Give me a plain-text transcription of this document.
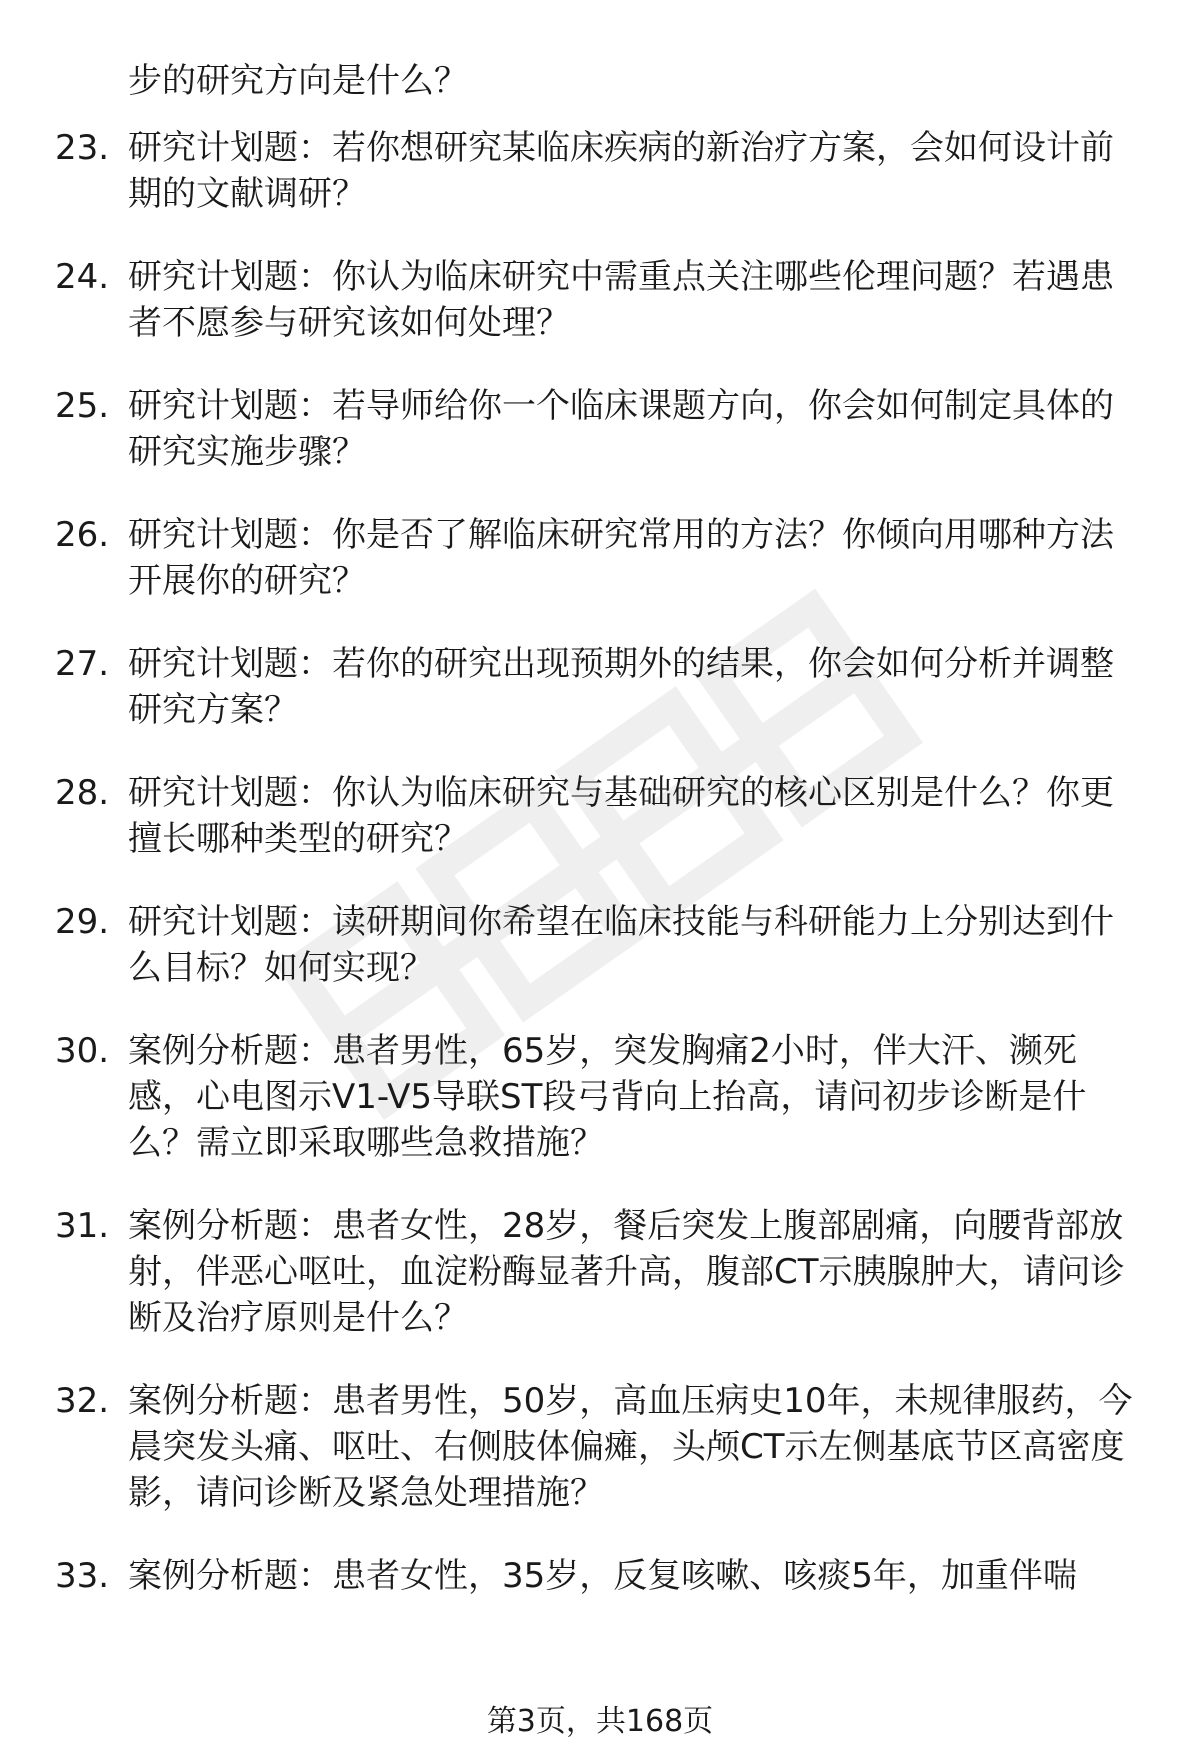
步的研究方向是什么？

23. 研究计划题：若你想研究某临床疾病的新治疗方案，会如何设计前期的文献调研？
24. 研究计划题：你认为临床研究中需重点关注哪些伦理问题？若遇患者不愿参与研究该如何处理？
25. 研究计划题：若导师给你一个临床课题方向，你会如何制定具体的研究实施步骤？
26. 研究计划题：你是否了解临床研究常用的方法？你倾向用哪种方法开展你的研究？
27. 研究计划题：若你的研究出现预期外的结果，你会如何分析并调整研究方案？
28. 研究计划题：你认为临床研究与基础研究的核心区别是什么？你更擅长哪种类型的研究？
29. 研究计划题：读研期间你希望在临床技能与科研能力上分别达到什么目标？如何实现？
30. 案例分析题：患者男性，65岁，突发胸痛2小时，伴大汗、濒死感，心电图示V1-V5导联ST段弓背向上抬高，请问初步诊断是什么？需立即采取哪些急救措施？
31. 案例分析题：患者女性，28岁，餐后突发上腹部剧痛，向腰背部放射，伴恶心呕吐，血淀粉酶显著升高，腹部CT示胰腺肿大，请问诊断及治疗原则是什么？
32. 案例分析题：患者男性，50岁，高血压病史10年，未规律服药，今晨突发头痛、呕吐、右侧肢体偏瘫，头颅CT示左侧基底节区高密度影，请问诊断及紧急处理措施？
33. 案例分析题：患者女性，35岁，反复咳嗽、咳痰5年，加重伴喘
第3页，共168页
